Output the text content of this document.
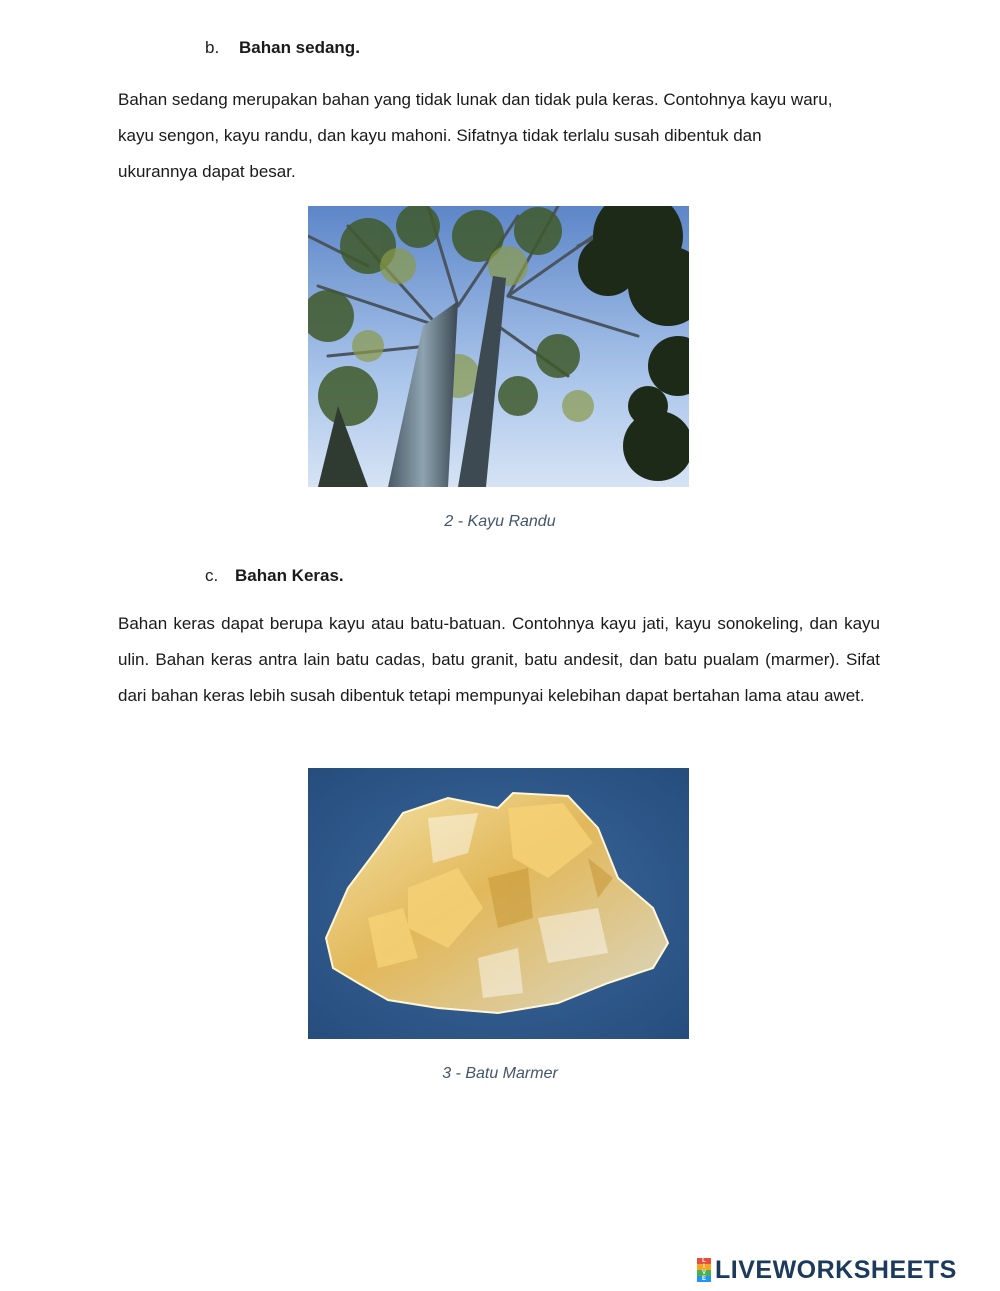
b. Bahan sedang.
Bahan sedang merupakan bahan yang tidak lunak dan tidak pula keras. Contohnya kayu waru,
kayu sengon, kayu randu, dan kayu mahoni. Sifatnya tidak terlalu susah dibentuk dan
ukurannya dapat besar.
2 - Kayu Randu
c. Bahan Keras.

Bahan keras dapat berupa kayu atau batu-batuan. Contohnya kayu jati, kayu sonokeling, dan kayu ulin. Bahan keras antra lain batu cadas, batu granit, batu andesit, dan batu pualam (marmer). Sifat dari bahan keras lebih susah dibentuk tetapi mempunyai kelebihan dapat bertahan lama atau awet.

3 - Batu Marmer
L
I
V
E LIVEWORKSHEETS
